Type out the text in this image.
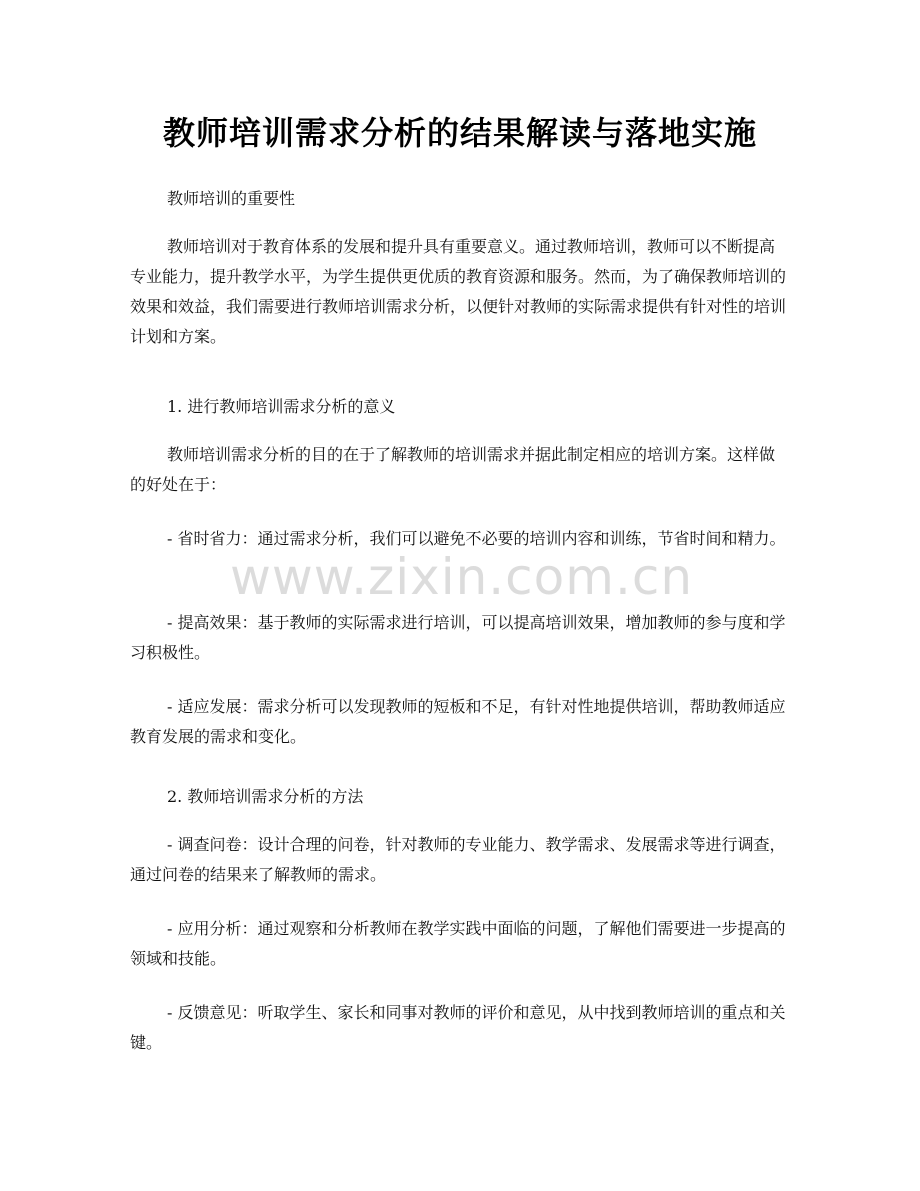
教师培训需求分析的结果解读与落地实施
www.zixin.com.cn

教师培训的重要性

教师培训对于教育体系的发展和提升具有重要意义。通过教师培训，教师可以不断提高专业能力，提升教学水平，为学生提供更优质的教育资源和服务。然而，为了确保教师培训的效果和效益，我们需要进行教师培训需求分析，以便针对教师的实际需求提供有针对性的培训计划和方案。

1. 进行教师培训需求分析的意义

教师培训需求分析的目的在于了解教师的培训需求并据此制定相应的培训方案。这样做的好处在于：

- 省时省力：通过需求分析，我们可以避免不必要的培训内容和训练，节省时间和精力。

- 提高效果：基于教师的实际需求进行培训，可以提高培训效果，增加教师的参与度和学习积极性。

- 适应发展：需求分析可以发现教师的短板和不足，有针对性地提供培训，帮助教师适应教育发展的需求和变化。

2. 教师培训需求分析的方法

- 调查问卷：设计合理的问卷，针对教师的专业能力、教学需求、发展需求等进行调查，通过问卷的结果来了解教师的需求。

- 应用分析：通过观察和分析教师在教学实践中面临的问题，了解他们需要进一步提高的领域和技能。

- 反馈意见：听取学生、家长和同事对教师的评价和意见，从中找到教师培训的重点和关键。
